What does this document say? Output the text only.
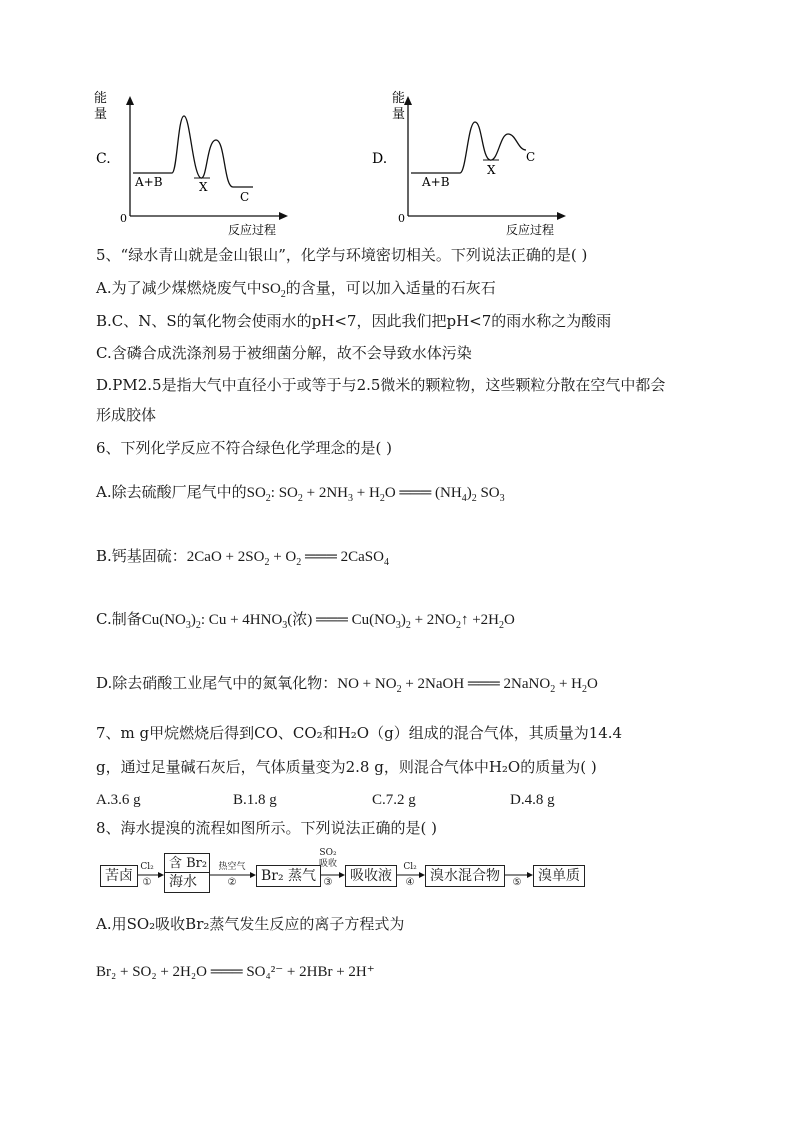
能
量
C.
0
反应过程
A+B	X
C
能
量
D.
0
反应过程
A+B
X
C
5、“绿水青山就是金山银山”，化学与环境密切相关。下列说法正确的是( )
A.为了减少煤燃烧废气中$SO_2$的含量，可以加入适量的石灰石
B.C、N、S的氧化物会使雨水的pH<7，因此我们把pH<7的雨水称之为酸雨
C.含磷合成洗涤剂易于被细菌分解，故不会导致水体污染
D.PM2.5是指大气中直径小于或等于与2.5微米的颗粒物，这些颗粒分散在空气中都会
形成胶体
6、下列化学反应不符合绿色化学理念的是( )
A.除去硫酸厂尾气中的$SO_2$: $SO_2 + 2NH_3 + H_2O$ ═══ $(NH_4)_2$ $SO_3$
B.钙基固硫：$2CaO + 2SO_2 + O_2$ ═══ 2CaSO$_4$
C.制备$Cu(NO_3)_2$: $Cu + 4HNO_3$(浓) ═══ $Cu(NO_3)_2$ + $2NO_2↑ +2H_2O$
D.除去硝酸工业尾气中的氮氧化物：NO + $NO_2$ + 2NaOH ═══ 2NaNO$_2$ + $H_2O$
7、m g甲烷燃烧后得到CO、CO₂和H₂O（g）组成的混合气体，其质量为14.4
g，通过足量碱石灰后，气体质量变为2.8 g，则混合气体中H₂O的质量为( )
A.3.6 g	B.1.8 g	C.7.2 g	D.4.8 g
8、海水提溴的流程如图所示。下列说法正确的是( )
苦卤
含 Br₂
海水	Br₂ 蒸气	吸收液	溴水混合物	溴单质
Cl₂
①
热空气
②
SO₂
吸收
③
Cl₂
④	⑤
A.用SO₂吸收Br₂蒸气发生反应的离子方程式为
Br₂ + SO₂ + 2H₂O ═══ SO₄²⁻ + 2HBr + 2H⁺
